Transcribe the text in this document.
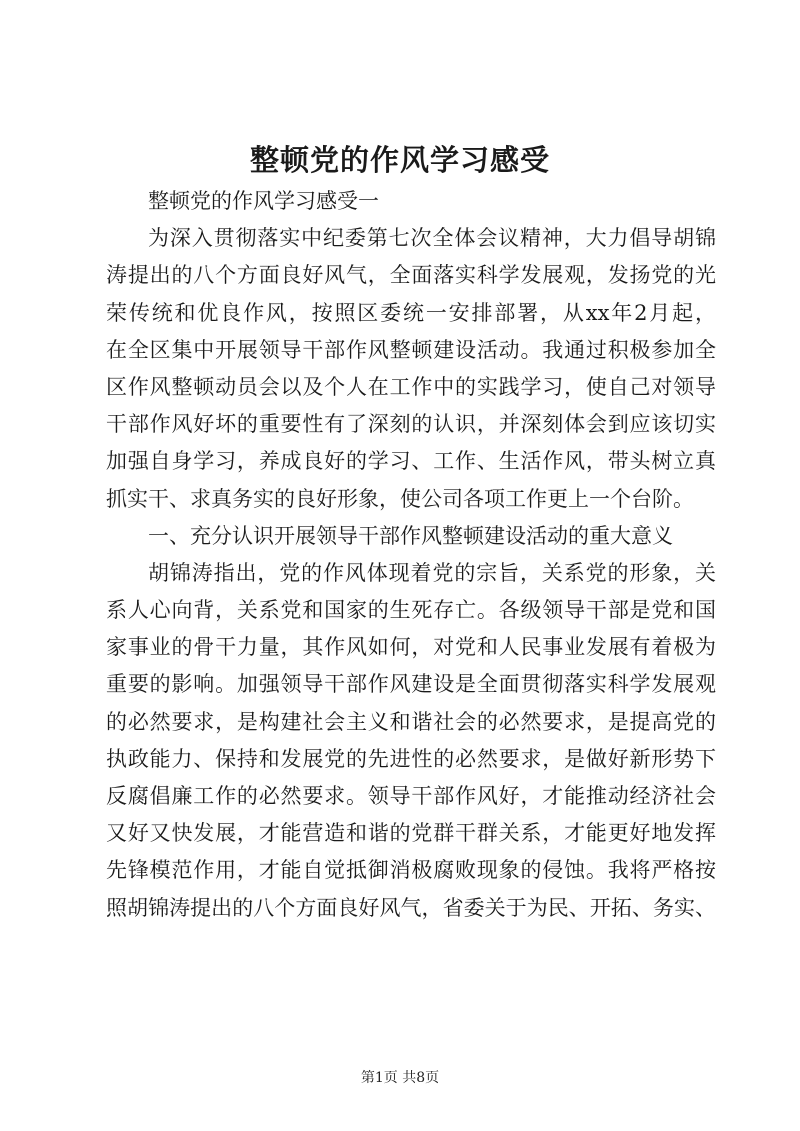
整顿党的作风学习感受
整顿党的作风学习感受一
为深入贯彻落实中纪委第七次全体会议精神，大力倡导胡锦
涛提出的八个方面良好风气，全面落实科学发展观，发扬党的光
荣传统和优良作风，按照区委统一安排部署，从xx年2月起，
在全区集中开展领导干部作风整顿建设活动。我通过积极参加全
区作风整顿动员会以及个人在工作中的实践学习，使自己对领导
干部作风好坏的重要性有了深刻的认识，并深刻体会到应该切实
加强自身学习，养成良好的学习、工作、生活作风，带头树立真
抓实干、求真务实的良好形象，使公司各项工作更上一个台阶。
一、充分认识开展领导干部作风整顿建设活动的重大意义
胡锦涛指出，党的作风体现着党的宗旨，关系党的形象，关
系人心向背，关系党和国家的生死存亡。各级领导干部是党和国
家事业的骨干力量，其作风如何，对党和人民事业发展有着极为
重要的影响。加强领导干部作风建设是全面贯彻落实科学发展观
的必然要求，是构建社会主义和谐社会的必然要求，是提高党的
执政能力、保持和发展党的先进性的必然要求，是做好新形势下
反腐倡廉工作的必然要求。领导干部作风好，才能推动经济社会
又好又快发展，才能营造和谐的党群干群关系，才能更好地发挥
先锋模范作用，才能自觉抵御消极腐败现象的侵蚀。我将严格按
照胡锦涛提出的八个方面良好风气，省委关于为民、开拓、务实、
第1页 共8页
